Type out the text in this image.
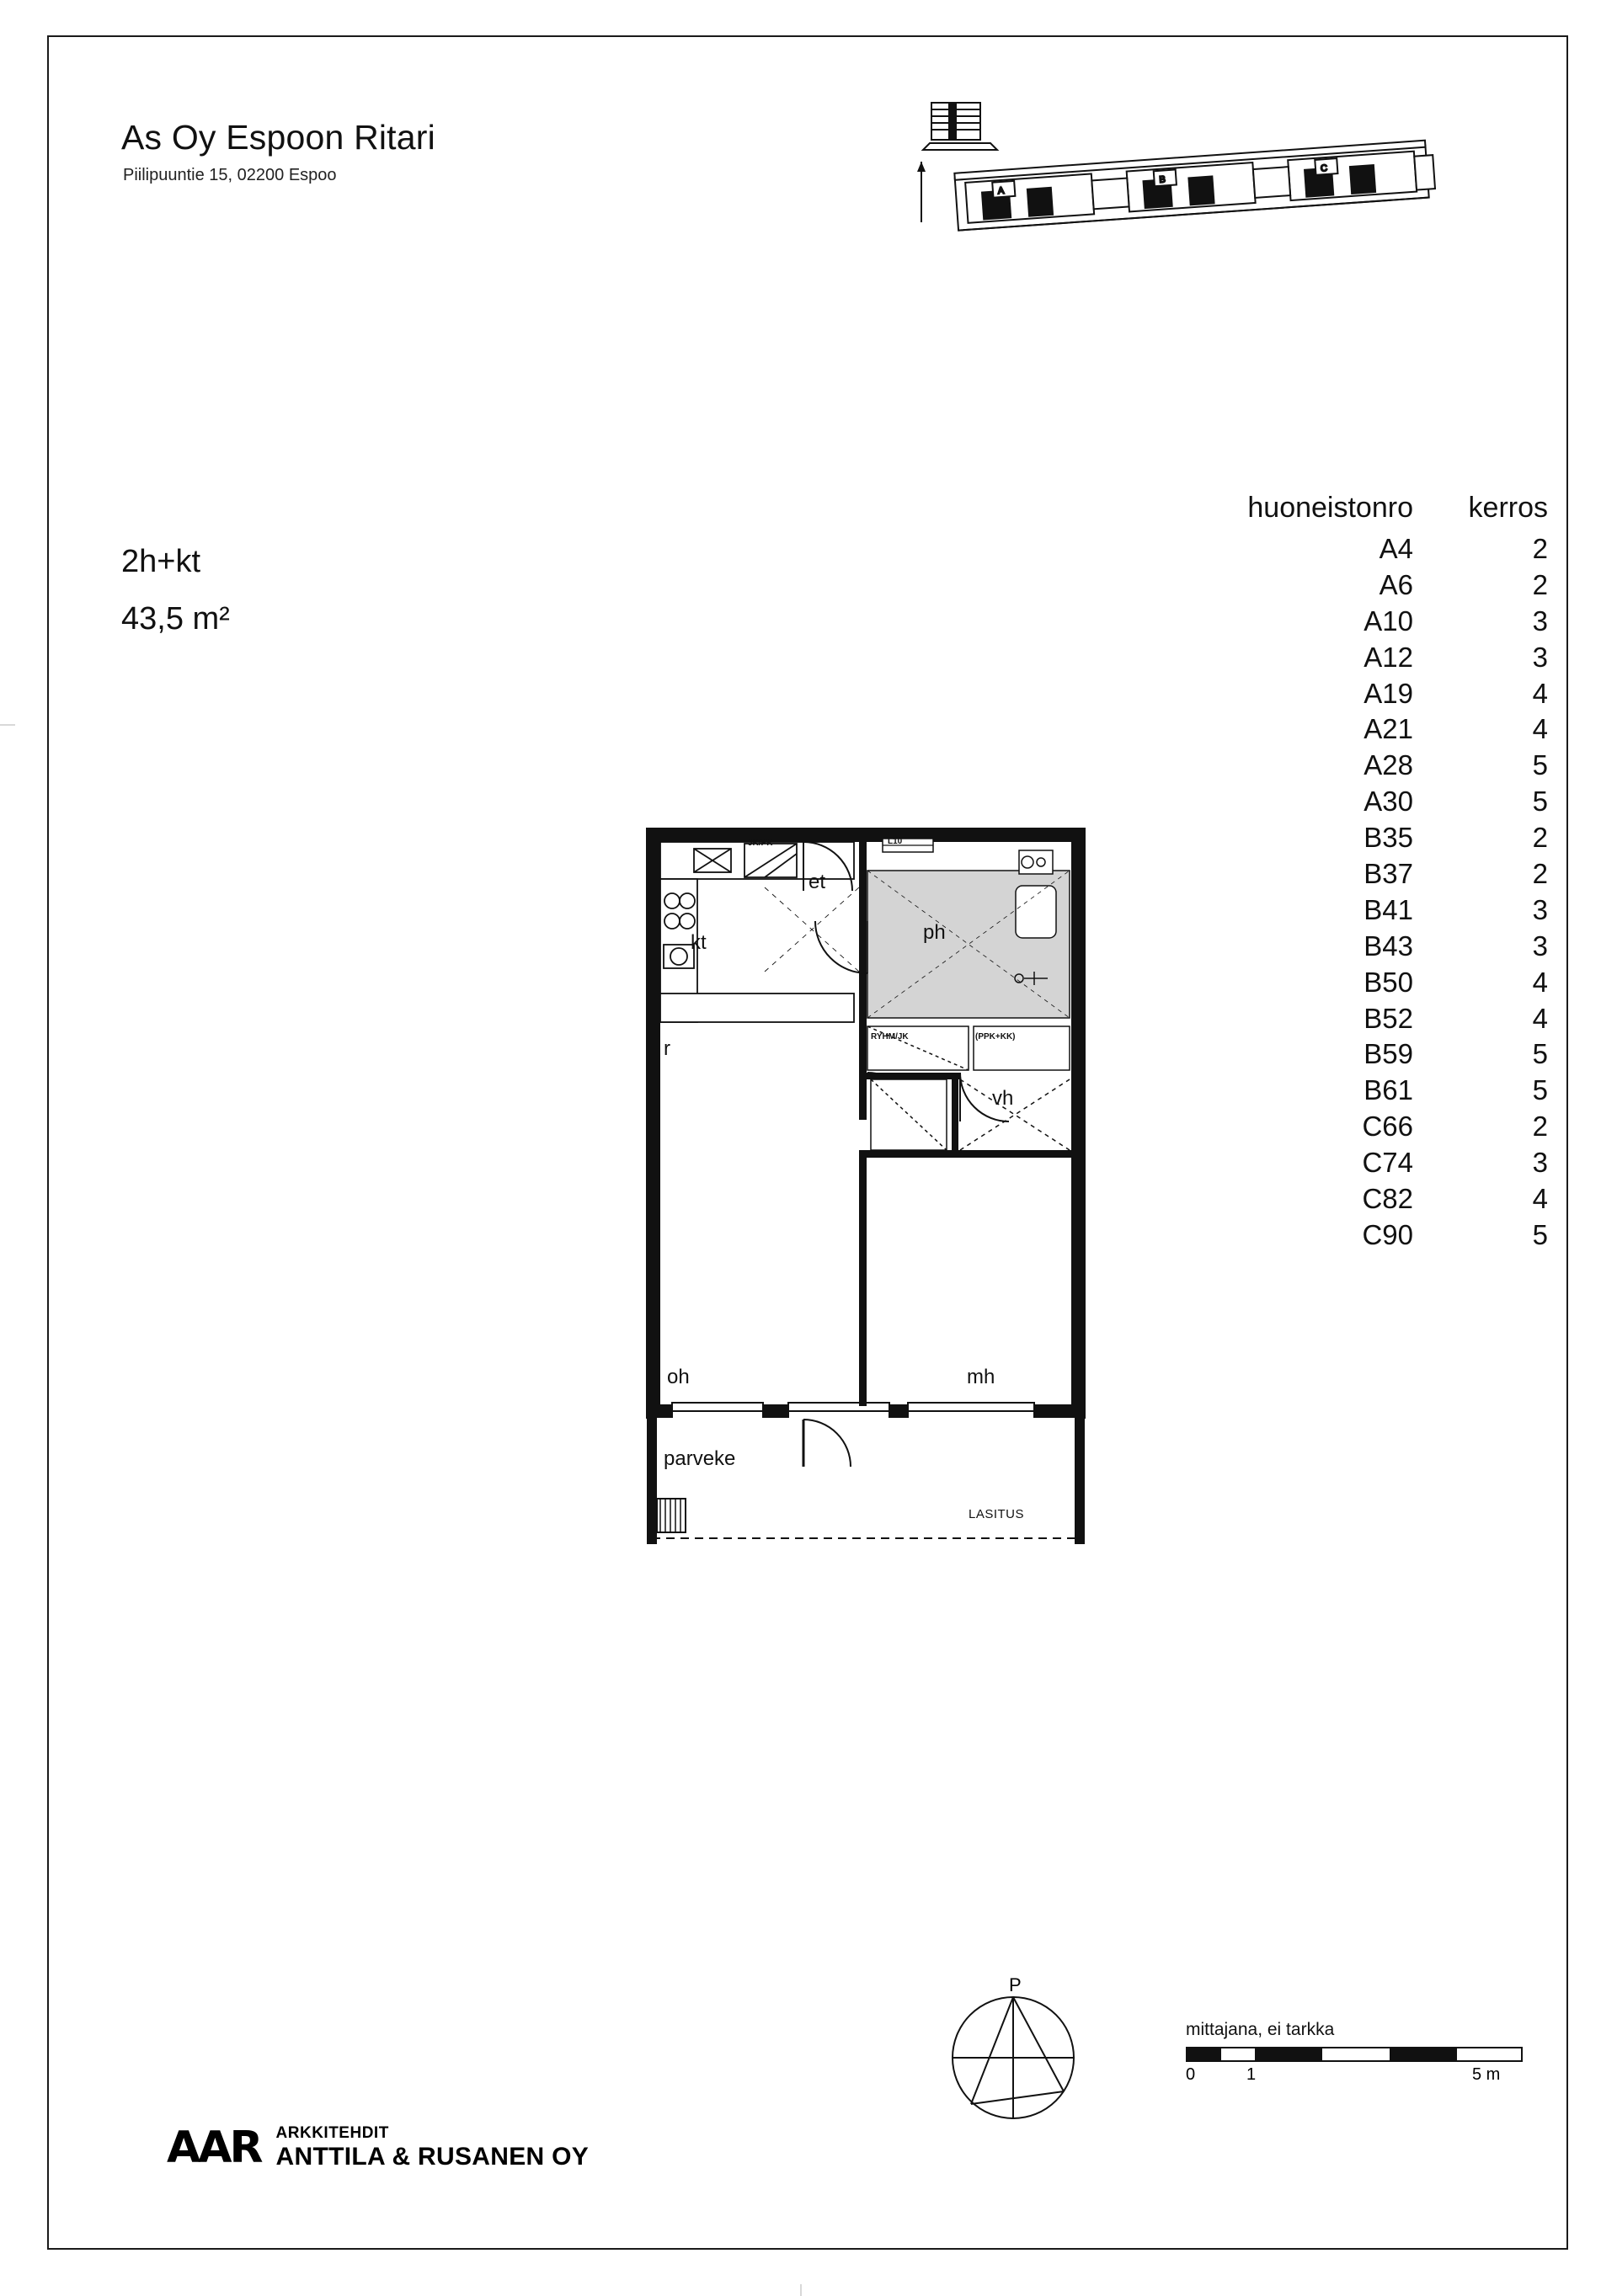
As Oy Espoon Ritari
Piilipuuntie 15, 02200 Espoo
A
B
C
2h+kt
43,5 m²
huoneistonro	kerros
A4	2
A6	2
A10	3
A12	3
A19	4
A21	4
A28	5
A30	5
B35	2
B37	2
B41	3
B43	3
B50	4
B52	4
B59	5
B61	5
C66	2
C74	3
C82	4
C90	5
kt
et
ph
vh
r
oh	mh
parveke
JK/PK	L10
RYHM/JK	(PPK+KK)
LASITUS
P
mittajana, ei tarkka
0	1	5 m
AAR ARKKITEHDIT
ANTTILA & RUSANEN OY
